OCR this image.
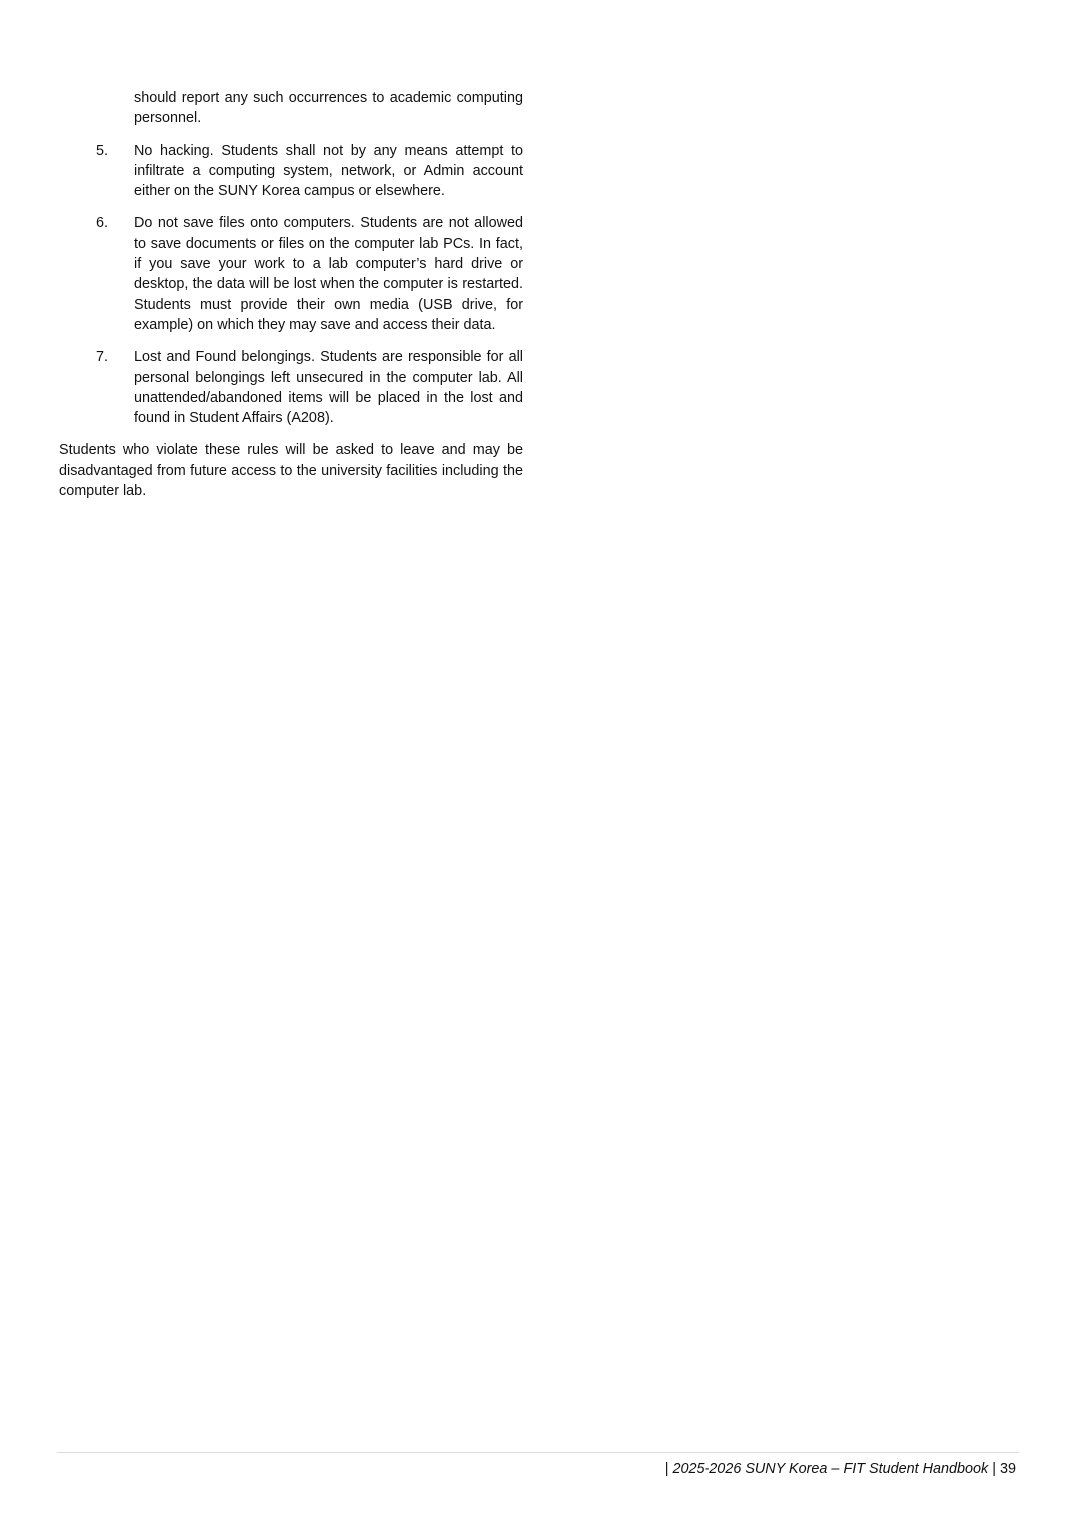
should report any such occurrences to academic computing personnel.

5.	No hacking. Students shall not by any means attempt to infiltrate a computing system, network, or Admin account either on the SUNY Korea campus or elsewhere.
6.	Do not save files onto computers. Students are not allowed to save documents or files on the computer lab PCs. In fact, if you save your work to a lab computer’s hard drive or desktop, the data will be lost when the computer is restarted. Students must provide their own media (USB drive, for example) on which they may save and access their data.
7.	Lost and Found belongings. Students are responsible for all personal belongings left unsecured in the computer lab. All unattended/abandoned items will be placed in the lost and found in Student Affairs (A208).

Students who violate these rules will be asked to leave and may be disadvantaged from future access to the university facilities including the computer lab.

| 2025-2026 SUNY Korea – FIT Student Handbook | 39
